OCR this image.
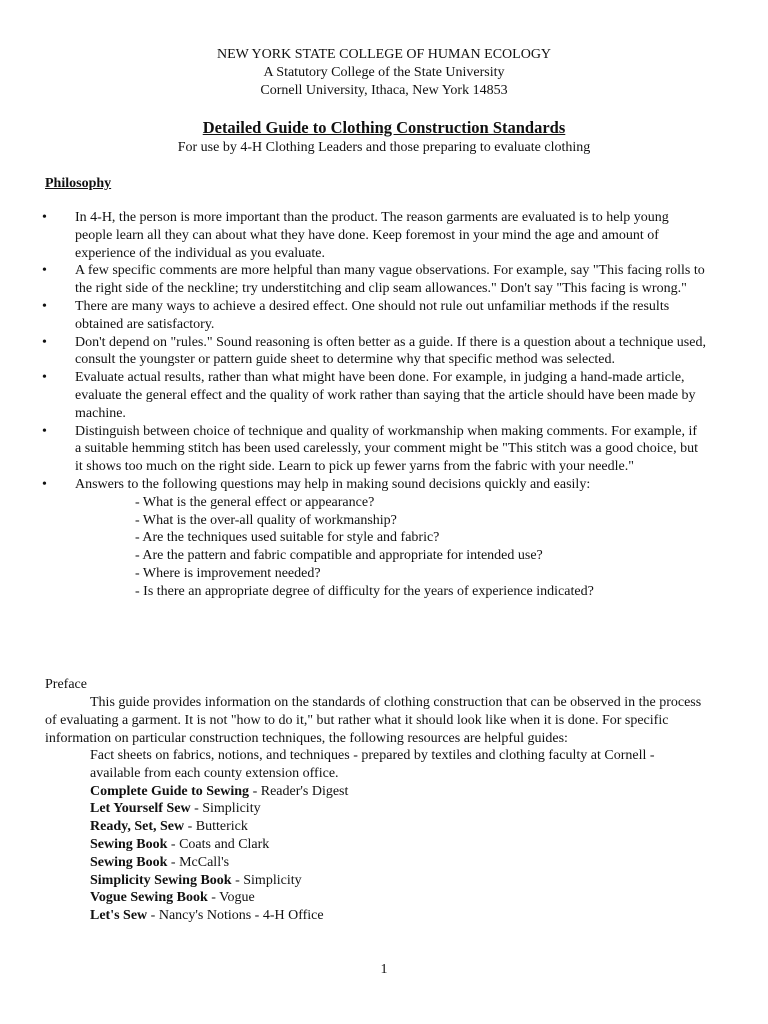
NEW YORK STATE COLLEGE OF HUMAN ECOLOGY
A Statutory College of the State University
Cornell University, Ithaca, New York 14853
Detailed Guide to Clothing Construction Standards
For use by 4-H Clothing Leaders and those preparing to evaluate clothing
Philosophy
• In 4-H, the person is more important than the product. The reason garments are evaluated is to help young people learn all they can about what they have done. Keep foremost in your mind the age and amount of experience of the individual as you evaluate.
• A few specific comments are more helpful than many vague observations. For example, say "This facing rolls to the right side of the neckline; try understitching and clip seam allowances." Don't say "This facing is wrong."
• There are many ways to achieve a desired effect. One should not rule out unfamiliar methods if the results obtained are satisfactory.
• Don't depend on "rules." Sound reasoning is often better as a guide. If there is a question about a technique used, consult the youngster or pattern guide sheet to determine why that specific method was selected.
• Evaluate actual results, rather than what might have been done. For example, in judging a hand-made article, evaluate the general effect and the quality of work rather than saying that the article should have been made by machine.
• Distinguish between choice of technique and quality of workmanship when making comments. For example, if a suitable hemming stitch has been used carelessly, your comment might be "This stitch was a good choice, but it shows too much on the right side. Learn to pick up fewer yarns from the fabric with your needle."
• Answers to the following questions may help in making sound decisions quickly and easily:
- What is the general effect or appearance?
- What is the over-all quality of workmanship?
- Are the techniques used suitable for style and fabric?
- Are the pattern and fabric compatible and appropriate for intended use?
- Where is improvement needed?
- Is there an appropriate degree of difficulty for the years of experience indicated?
Preface
This guide provides information on the standards of clothing construction that can be observed in the process of evaluating a garment. It is not "how to do it," but rather what it should look like when it is done. For specific information on particular construction techniques, the following resources are helpful guides:
Fact sheets on fabrics, notions, and techniques - prepared by textiles and clothing faculty at Cornell - available from each county extension office.
Complete Guide to Sewing - Reader's Digest
Let Yourself Sew - Simplicity
Ready, Set, Sew - Butterick
Sewing Book - Coats and Clark
Sewing Book - McCall's
Simplicity Sewing Book - Simplicity
Vogue Sewing Book - Vogue
Let's Sew - Nancy's Notions - 4-H Office
1
